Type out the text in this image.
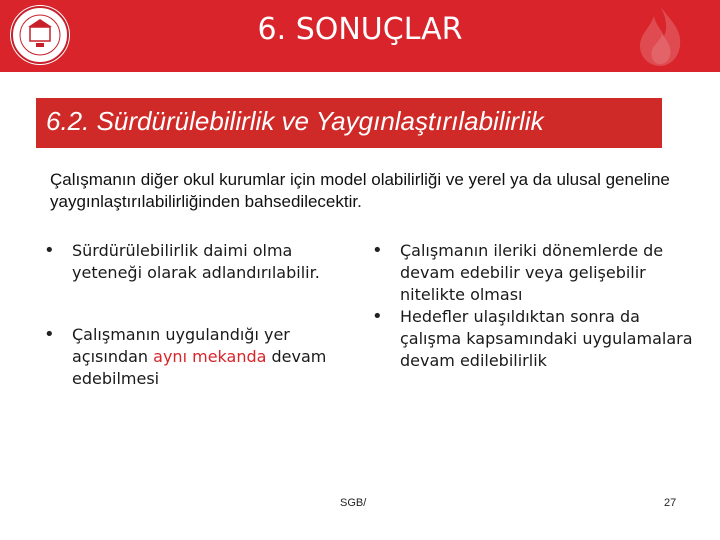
6. SONUÇLAR
6.2. Sürdürülebilirlik ve Yaygınlaştırılabilirlik
Çalışmanın diğer okul kurumlar için model olabilirliği ve yerel ya da ulusal geneline yaygınlaştırılabilirliğinden bahsedilecektir.
• Sürdürülebilirlik daimi olma yeteneği olarak adlandırılabilir.
• Çalışmanın uygulandığı yer açısından aynı mekanda devam edebilmesi
• Çalışmanın ileriki dönemlerde de devam edebilir veya gelişebilir nitelikte olması
• Hedefler ulaşıldıktan sonra da çalışma kapsamındaki uygulamalara devam edilebilirlik
SGB/	27
